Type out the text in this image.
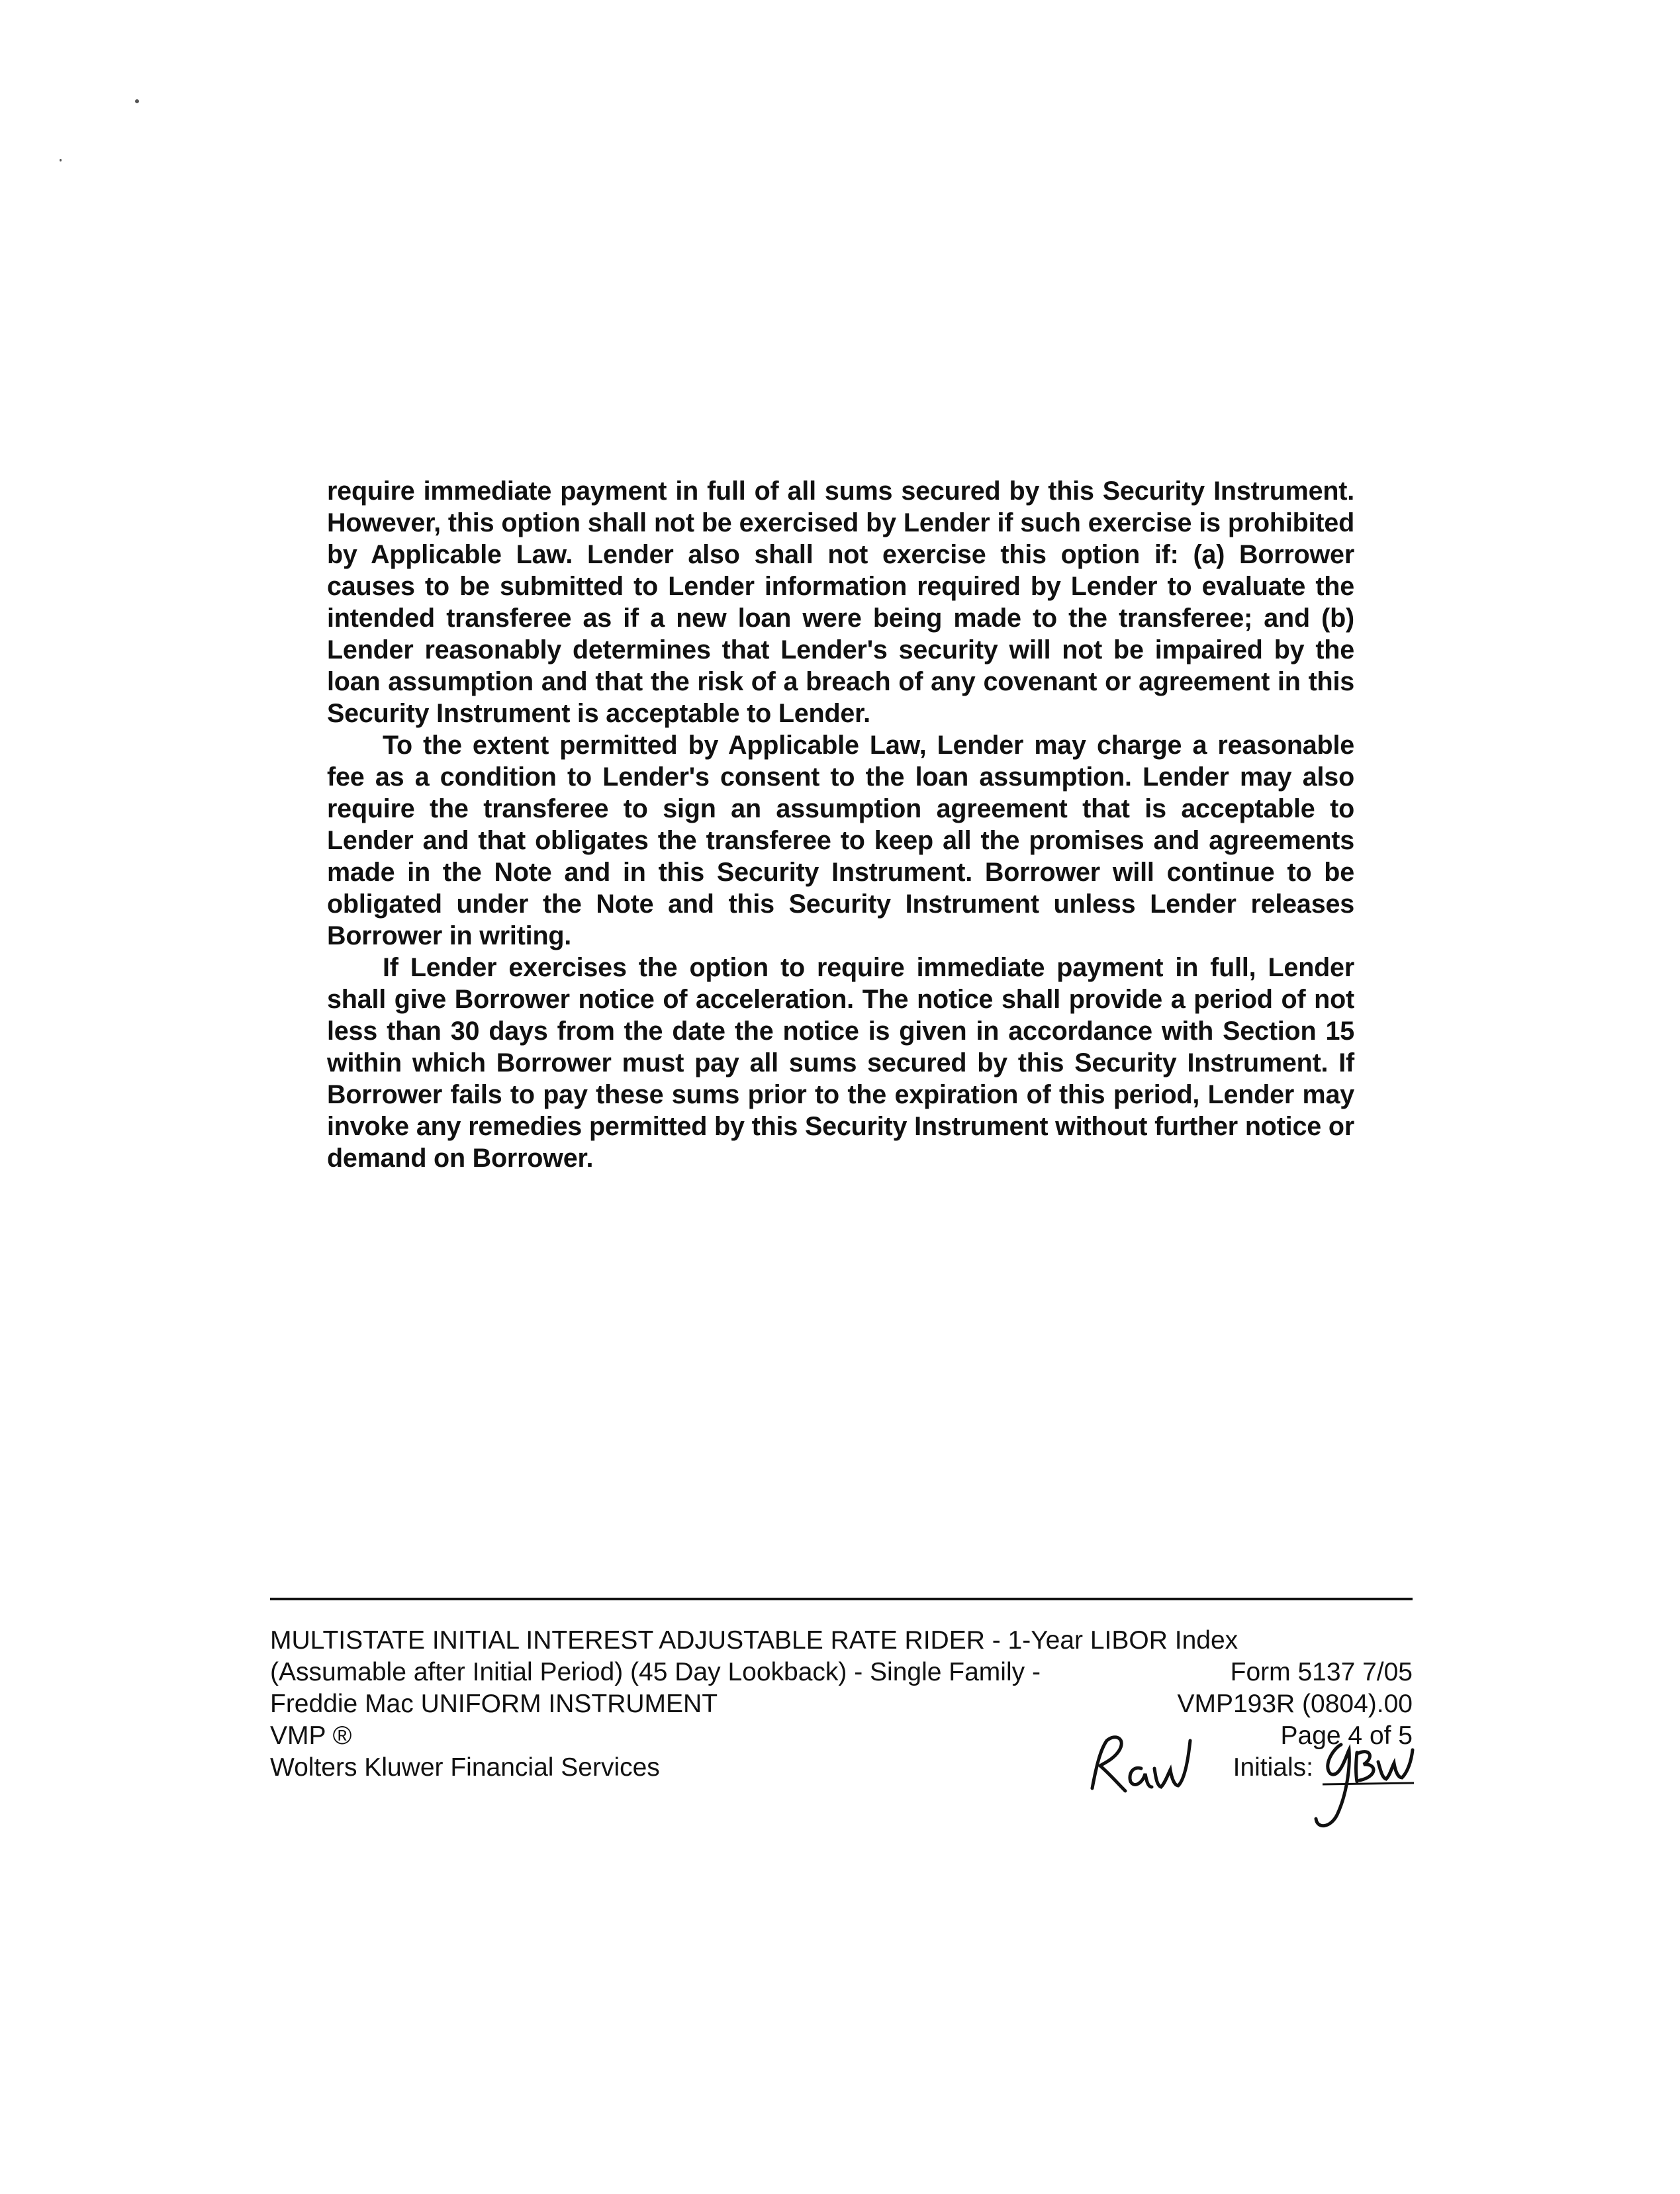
require immediate payment in full of all sums secured by this Security Instrument. However, this option shall not be exercised by Lender if such exercise is prohibited by Applicable Law. Lender also shall not exercise this option if: (a) Borrower causes to be submitted to Lender information required by Lender to evaluate the intended transferee as if a new loan were being made to the transferee; and (b) Lender reasonably determines that Lender's security will not be impaired by the loan assumption and that the risk of a breach of any covenant or agreement in this Security Instrument is acceptable to Lender.

To the extent permitted by Applicable Law, Lender may charge a reasonable fee as a condition to Lender's consent to the loan assumption. Lender may also require the transferee to sign an assumption agreement that is acceptable to Lender and that obligates the transferee to keep all the promises and agreements made in the Note and in this Security Instrument. Borrower will continue to be obligated under the Note and this Security Instrument unless Lender releases Borrower in writing.

If Lender exercises the option to require immediate payment in full, Lender shall give Borrower notice of acceleration. The notice shall provide a period of not less than 30 days from the date the notice is given in accordance with Section 15 within which Borrower must pay all sums secured by this Security Instrument. If Borrower fails to pay these sums prior to the expiration of this period, Lender may invoke any remedies permitted by this Security Instrument without further notice or demand on Borrower.

MULTISTATE INITIAL INTEREST ADJUSTABLE RATE RIDER - 1-Year LIBOR Index
(Assumable after Initial Period) (45 Day Lookback) - Single Family -	Form 5137 7/05
Freddie Mac UNIFORM INSTRUMENT	VMP193R (0804).00
VMP ®	Page 4 of 5
Wolters Kluwer Financial Services	Initials:
